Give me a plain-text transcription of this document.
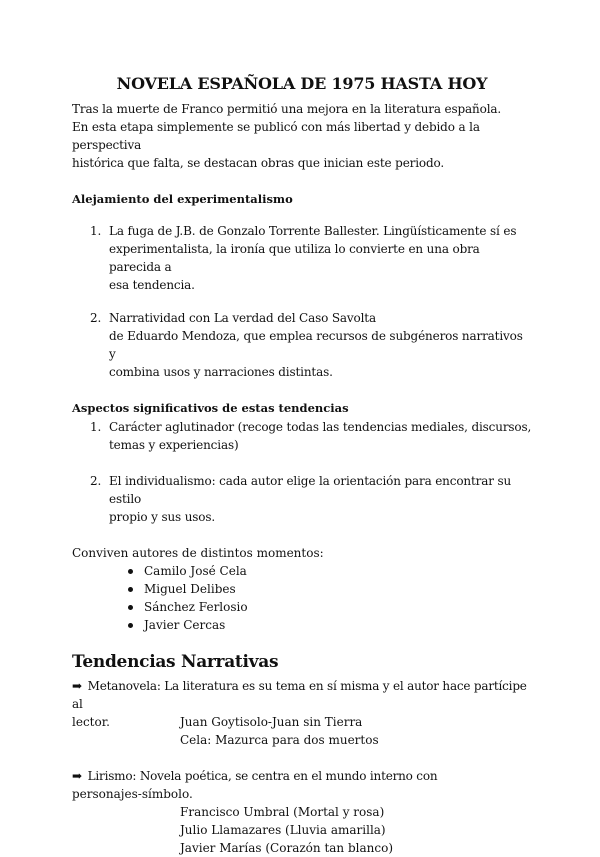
NOVELA ESPAÑOLA DE 1975 HASTA HOY

Tras la muerte de Franco permitió una mejora en la literatura española.

En esta etapa simplemente se publicó con más libertad y debido a la perspectiva

histórica que falta, se destacan obras que inician este periodo.

Alejamiento del experimentalismo

1. La fuga de J.B. de Gonzalo Torrente Ballester. Lingüísticamente sí es

experimentalista, la ironía que utiliza lo convierte en una obra parecida a

esa tendencia.

2. Narratividad con La verdad del Caso Savolta

de Eduardo Mendoza, que emplea recursos de subgéneros narrativos y

combina usos y narraciones distintas.

Aspectos significativos de estas tendencias

1. Carácter aglutinador (recoge todas las tendencias mediales, discursos,

temas y experiencias)

2. El individualismo: cada autor elige la orientación para encontrar su estilo

propio y sus usos.

Conviven autores de distintos momentos:

Camilo José Cela
Miguel Delibes
Sánchez Ferlosio
Javier Cercas
Tendencias Narrativas

➡ Metanovela: La literatura es su tema en sí misma y el autor hace partícipe al

lector.	Juan Goytisolo-Juan sin Tierra

Cela: Mazurca para dos muertos

➡ Lirismo: Novela poética, se centra en el mundo interno con

personajes-símbolo.

Francisco Umbral (Mortal y rosa)

Julio Llamazares (Lluvia amarilla)

Javier Marías (Corazón tan blanco)
